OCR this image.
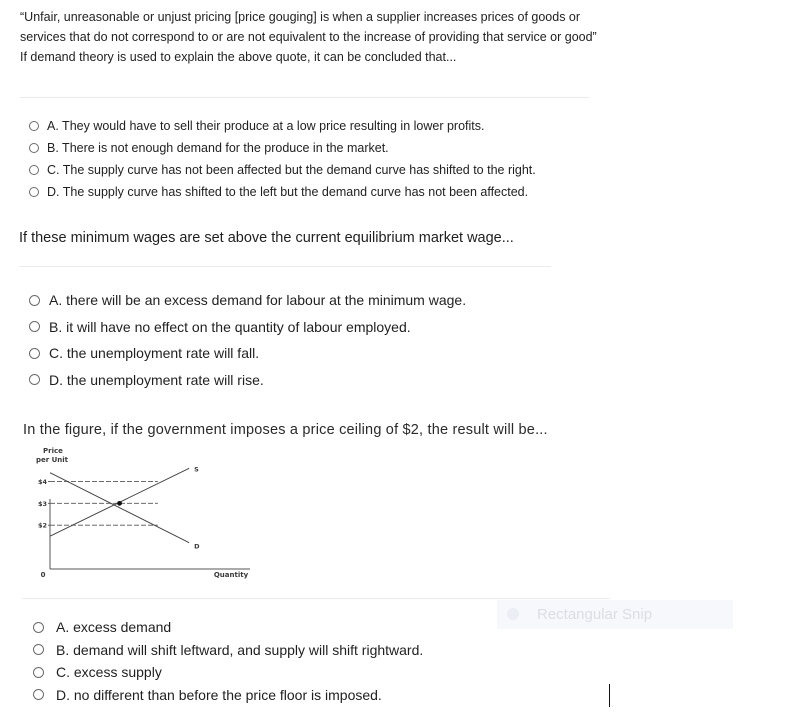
“Unfair, unreasonable or unjust pricing [price gouging] is when a supplier increases prices of goods or services that do not correspond to or are not equivalent to the increase of providing that service or good”

If demand theory is used to explain the above quote, it can be concluded that...

A. They would have to sell their produce at a low price resulting in lower profits.
B. There is not enough demand for the produce in the market.
C. The supply curve has not been affected but the demand curve has shifted to the right.
D. The supply curve has shifted to the left but the demand curve has not been affected.

If these minimum wages are set above the current equilibrium market wage...

A. there will be an excess demand for labour at the minimum wage.
B. it will have no effect on the quantity of labour employed.
C. the unemployment rate will fall.
D. the unemployment rate will rise.

In the figure, if the government imposes a price ceiling of $2, the result will be...

Price
per Unit
Quantity
0
$4
$3
$2
S
D
Rectangular Snip
A. excess demand
B. demand will shift leftward, and supply will shift rightward.
C. excess supply
D. no different than before the price floor is imposed.
